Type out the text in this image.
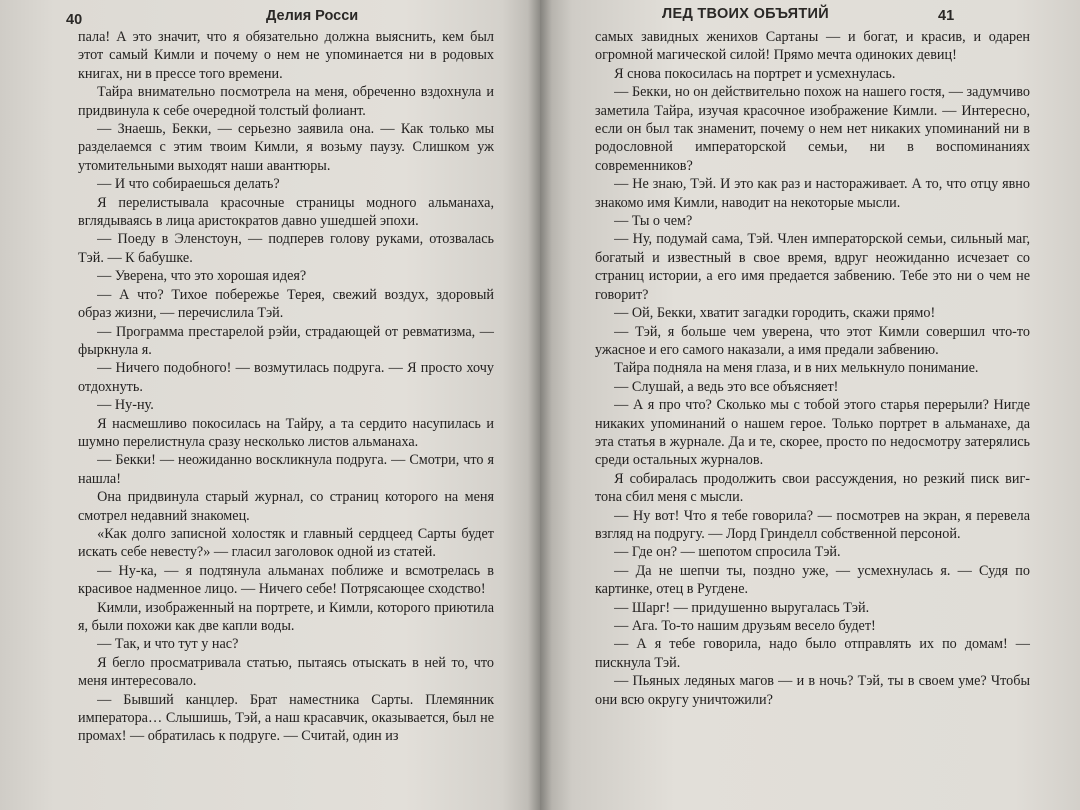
40	Делия Росси

пала! А это значит, что я обязательно должна выяснить, кем был этот самый Кимли и почему о нем не упоминается ни в родовых книгах, ни в прессе того времени.

Тайра внимательно посмотрела на меня, обреченно вздохнула и придвинула к себе очередной толстый фолиант.

— Знаешь, Бекки, — серьезно заявила она. — Как только мы разделаемся с этим твоим Кимли, я возьму паузу. Слишком уж утомительными выходят наши авантюры.

— И что собираешься делать?

Я перелистывала красочные страницы модного альманаха, вглядываясь в лица аристократов давно ушедшей эпохи.

— Поеду в Эленстоун, — подперев голову руками, отозвалась Тэй. — К бабушке.

— Уверена, что это хорошая идея?

— А что? Тихое побережье Терея, свежий воздух, здоровый образ жизни, — перечислила Тэй.

— Программа престарелой рэйи, страдающей от ревматизма, — фыркнула я.

— Ничего подобного! — возмутилась подруга. — Я просто хочу отдохнуть.

— Ну-ну.

Я насмешливо покосилась на Тайру, а та сердито насупилась и шумно перелистнула сразу несколько листов альманаха.

— Бекки! — неожиданно воскликнула подруга. — Смотри, что я нашла!

Она придвинула старый журнал, со страниц которого на меня смотрел недавний знакомец.

«Как долго записной холостяк и главный сердцеед Сарты будет искать себе невесту?» — гласил заголовок одной из статей.

— Ну-ка, — я подтянула альманах поближе и всмотрелась в красивое надменное лицо. — Ничего себе! Потрясающее сходство!

Кимли, изображенный на портрете, и Кимли, которого приютила я, были похожи как две капли воды.

— Так, и что тут у нас?

Я бегло просматривала статью, пытаясь отыскать в ней то, что меня интересовало.

— Бывший канцлер. Брат наместника Сарты. Племянник императора… Слышишь, Тэй, а наш красавчик, оказывается, был не промах! — обратилась к подруге. — Считай, один из

ЛЕД ТВОИХ ОБЪЯТИЙ	41

самых завидных женихов Сартаны — и богат, и красив, и одарен огромной магической силой! Прямо мечта одиноких девиц!

Я снова покосилась на портрет и усмехнулась.

— Бекки, но он действительно похож на нашего гостя, — задумчиво заметила Тайра, изучая красочное изображение Кимли. — Интересно, если он был так знаменит, почему о нем нет никаких упоминаний ни в родословной императорской семьи, ни в воспоминаниях современников?

— Не знаю, Тэй. И это как раз и настораживает. А то, что отцу явно знакомо имя Кимли, наводит на некоторые мысли.

— Ты о чем?

— Ну, подумай сама, Тэй. Член императорской семьи, сильный маг, богатый и известный в свое время, вдруг неожиданно исчезает со страниц истории, а его имя предается забвению. Тебе это ни о чем не говорит?

— Ой, Бекки, хватит загадки городить, скажи прямо!

— Тэй, я больше чем уверена, что этот Кимли совершил что-то ужасное и его самого наказали, а имя предали забвению.

Тайра подняла на меня глаза, и в них мелькнуло понимание.

— Слушай, а ведь это все объясняет!

— А я про что? Сколько мы с тобой этого старья перерыли? Нигде никаких упоминаний о нашем герое. Только портрет в альманахе, да эта статья в журнале. Да и те, скорее, просто по недосмотру затерялись среди остальных журналов.

Я собиралась продолжить свои рассуждения, но резкий писк виг-тона сбил меня с мысли.

— Ну вот! Что я тебе говорила? — посмотрев на экран, я перевела взгляд на подругу. — Лорд Гринделл собственной персоной.

— Где он? — шепотом спросила Тэй.

— Да не шепчи ты, поздно уже, — усмехнулась я. — Судя по картинке, отец в Ругдене.

— Шарг! — придушенно выругалась Тэй.

— Ага. То-то нашим друзьям весело будет!

— А я тебе говорила, надо было отправлять их по домам! — пискнула Тэй.

— Пьяных ледяных магов — и в ночь? Тэй, ты в своем уме? Чтобы они всю округу уничтожили?
